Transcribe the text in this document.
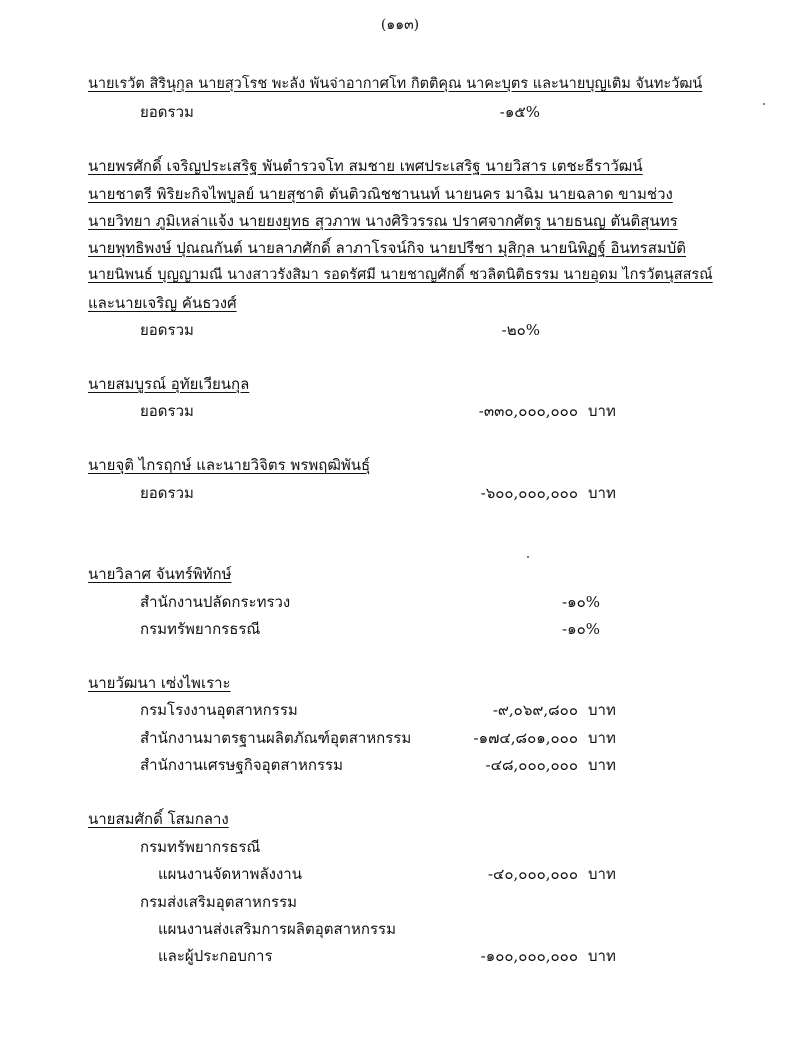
(๑๑๓)
นายเรวัต สิรินุกุล นายสุวโรช พะลัง พันจ่าอากาศโท กิตติคุณ นาคะบุตร และนายบุญเติม จันทะวัฒน์
ยอดรวม	-๑๕%
นายพรศักดิ์ เจริญประเสริฐ พันตำรวจโท สมชาย เพศประเสริฐ นายวิสาร เตชะธีราวัฒน์
นายชาตรี พิริยะกิจไพบูลย์ นายสุชาติ ตันติวณิชชานนท์ นายนคร มาฉิม นายฉลาด ขามช่วง
นายวิทยา ภูมิเหล่าแจ้ง นายยงยุทธ สุวภาพ นางศิริวรรณ ปราศจากศัตรู นายธนญ ตันติสุนทร
นายพุทธิพงษ์ ปุณณกันต์ นายลาภศักดิ์ ลาภาโรจน์กิจ นายปรีชา มุสิกุล นายนิพิฏฐ์ อินทรสมบัติ
นายนิพนธ์ บุญญามณี นางสาวรังสิมา รอดรัศมี นายชาญศักดิ์ ชวลิตนิติธรรม นายอุดม ไกรวัตนุสสรณ์
และนายเจริญ คันธวงศ์
ยอดรวม	-๒๐%
นายสมบูรณ์ อุทัยเวียนกุล
ยอดรวม	-๓๓๐,๐๐๐,๐๐๐ บาท
นายจุติ ไกรฤกษ์ และนายวิจิตร พรพฤฒิพันธุ์
ยอดรวม	-๖๐๐,๐๐๐,๐๐๐ บาท
นายวิลาศ จันทร์พิทักษ์
สำนักงานปลัดกระทรวง	-๑๐%
กรมทรัพยากรธรณี	-๑๐%
นายวัฒนา เซ่งไพเราะ
กรมโรงงานอุตสาหกรรม	-๙,๐๖๙,๘๐๐ บาท
สำนักงานมาตรฐานผลิตภัณฑ์อุตสาหกรรม	-๑๗๔,๘๐๑,๐๐๐ บาท
สำนักงานเศรษฐกิจอุตสาหกรรม	-๔๘,๐๐๐,๐๐๐ บาท
นายสมศักดิ์ โสมกลาง
กรมทรัพยากรธรณี
แผนงานจัดหาพลังงาน	-๔๐,๐๐๐,๐๐๐ บาท
กรมส่งเสริมอุตสาหกรรม
แผนงานส่งเสริมการผลิตอุตสาหกรรม
และผู้ประกอบการ	-๑๐๐,๐๐๐,๐๐๐ บาท
